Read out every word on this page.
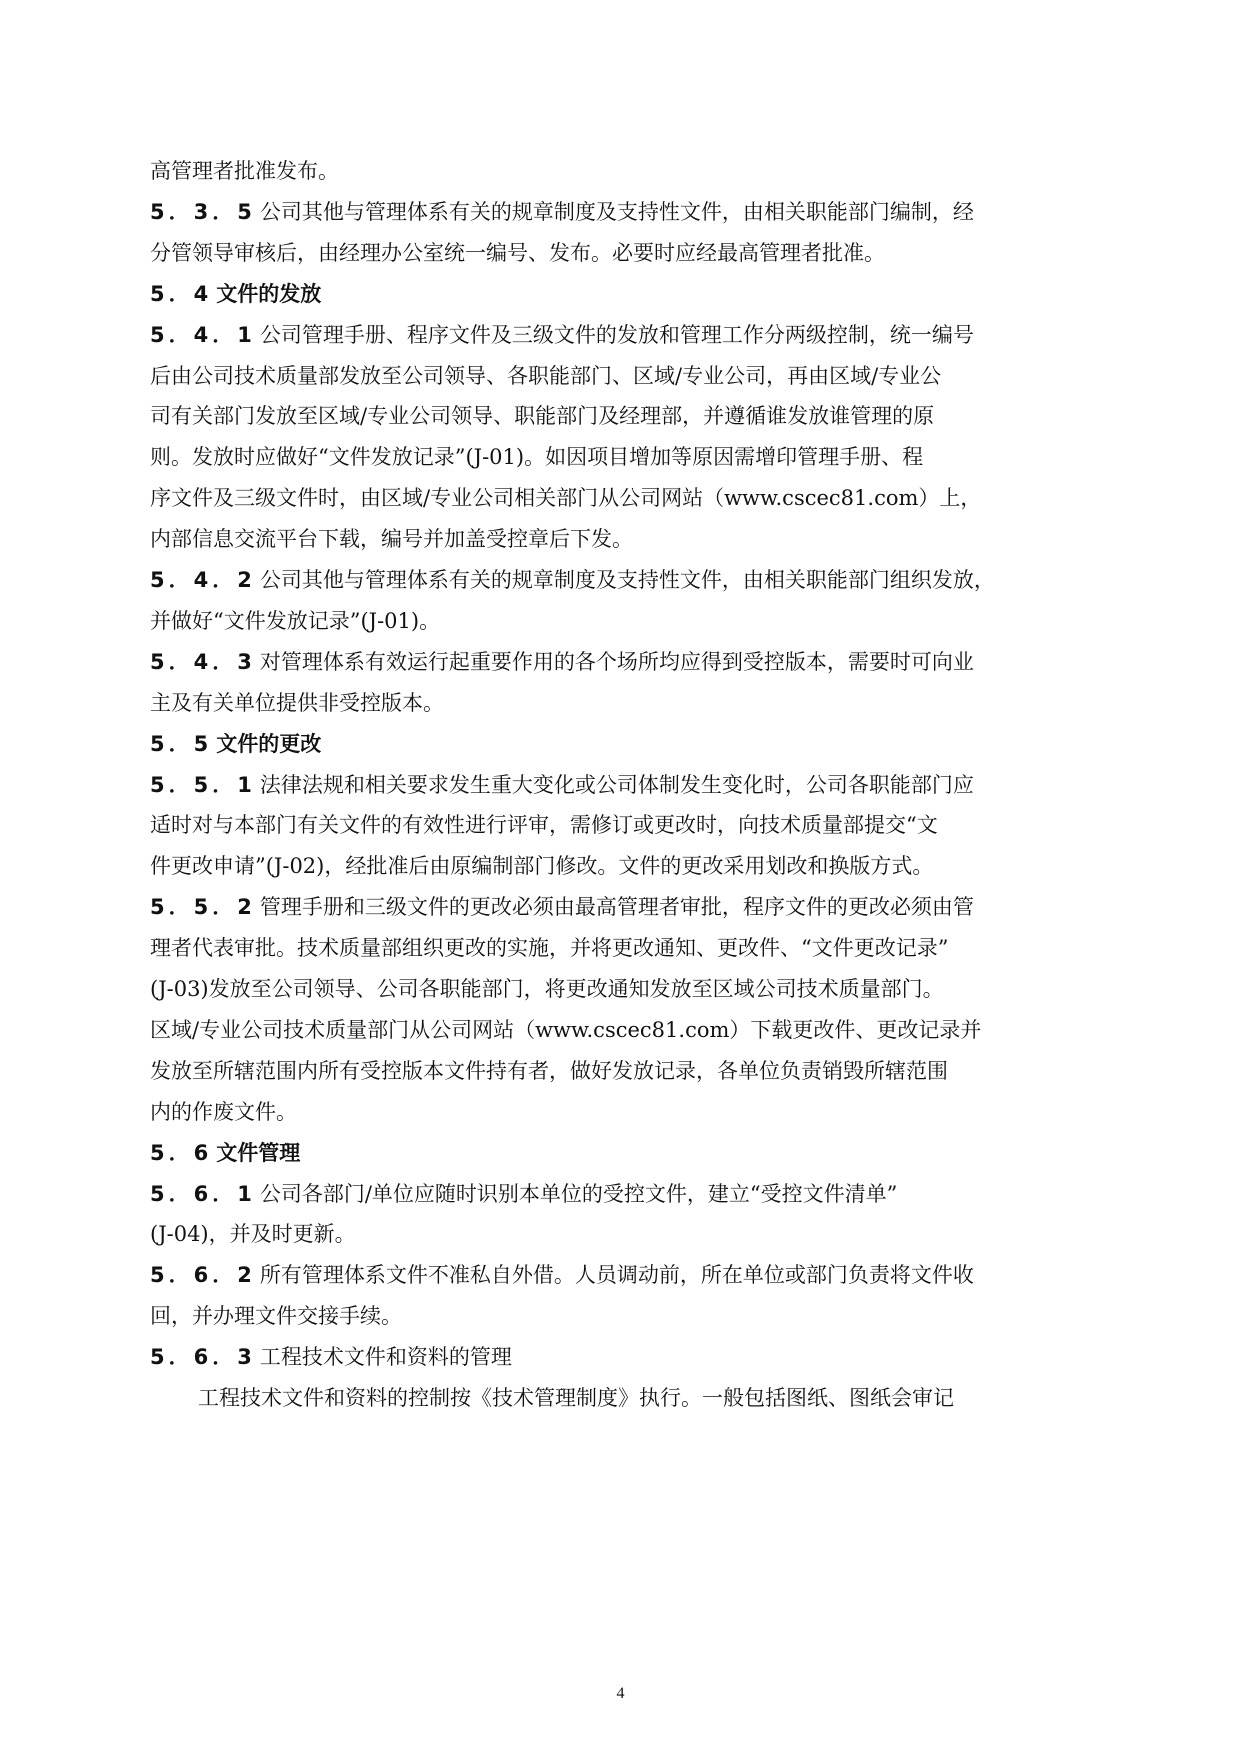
高管理者批准发布。
5．3．5 公司其他与管理体系有关的规章制度及支持性文件，由相关职能部门编制，经
分管领导审核后，由经理办公室统一编号、发布。必要时应经最高管理者批准。
5．4 文件的发放
5．4．1 公司管理手册、程序文件及三级文件的发放和管理工作分两级控制，统一编号
后由公司技术质量部发放至公司领导、各职能部门、区域/专业公司，再由区域/专业公
司有关部门发放至区域/专业公司领导、职能部门及经理部，并遵循谁发放谁管理的原
则。发放时应做好“文件发放记录”(J-01)。如因项目增加等原因需增印管理手册、程
序文件及三级文件时，由区域/专业公司相关部门从公司网站（www.cscec81.com）上，
内部信息交流平台下载，编号并加盖受控章后下发。
5．4．2 公司其他与管理体系有关的规章制度及支持性文件，由相关职能部门组织发放，
并做好“文件发放记录”(J-01)。
5．4．3 对管理体系有效运行起重要作用的各个场所均应得到受控版本，需要时可向业
主及有关单位提供非受控版本。
5．5 文件的更改
5．5．1 法律法规和相关要求发生重大变化或公司体制发生变化时，公司各职能部门应
适时对与本部门有关文件的有效性进行评审，需修订或更改时，向技术质量部提交“文
件更改申请”(J-02)，经批准后由原编制部门修改。文件的更改采用划改和换版方式。
5．5．2 管理手册和三级文件的更改必须由最高管理者审批，程序文件的更改必须由管
理者代表审批。技术质量部组织更改的实施，并将更改通知、更改件、“文件更改记录”
(J-03)发放至公司领导、公司各职能部门，将更改通知发放至区域公司技术质量部门。
区域/专业公司技术质量部门从公司网站（www.cscec81.com）下载更改件、更改记录并
发放至所辖范围内所有受控版本文件持有者，做好发放记录，各单位负责销毁所辖范围
内的作废文件。
5．6 文件管理
5．6．1 公司各部门/单位应随时识别本单位的受控文件，建立“受控文件清单”
(J-04)，并及时更新。
5．6．2 所有管理体系文件不准私自外借。人员调动前，所在单位或部门负责将文件收
回，并办理文件交接手续。
5．6．3 工程技术文件和资料的管理
工程技术文件和资料的控制按《技术管理制度》执行。一般包括图纸、图纸会审记
4
